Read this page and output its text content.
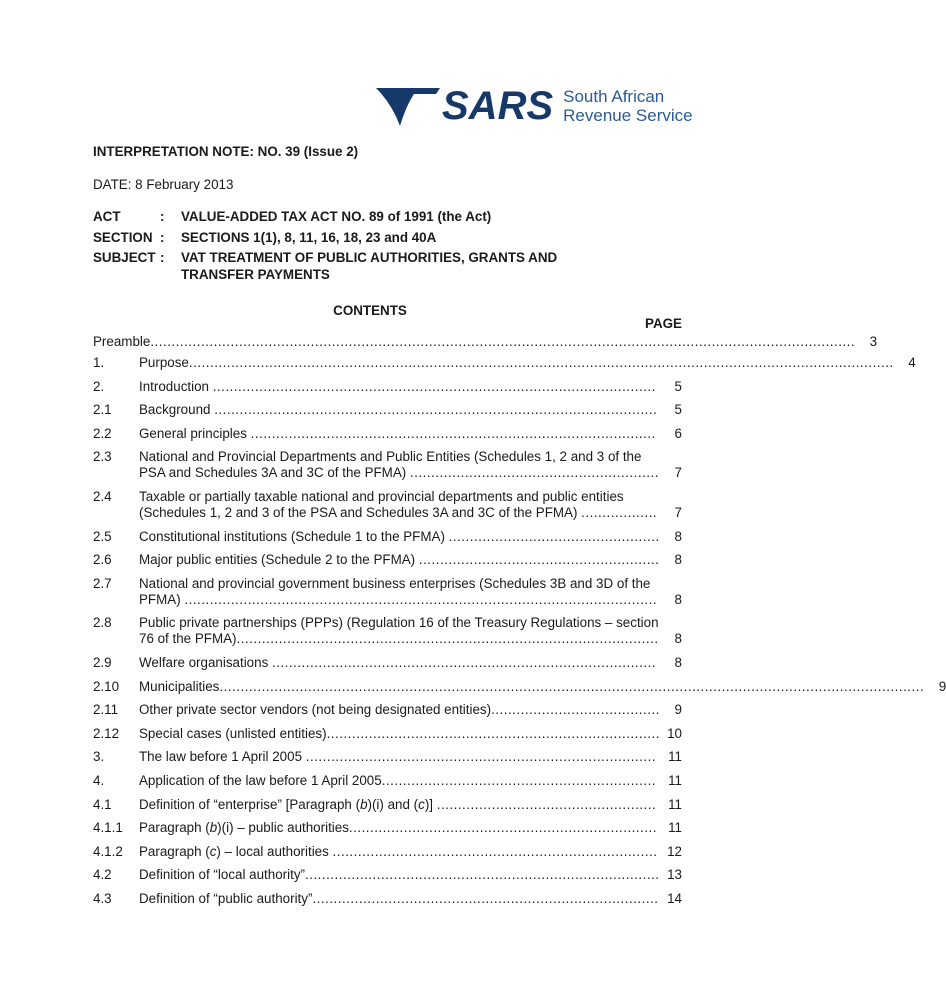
SARS South African
Revenue Service
INTERPRETATION NOTE: NO. 39 (Issue 2)
DATE: 8 February 2013
ACT	:	VALUE-ADDED TAX ACT NO. 89 of 1991 (the Act)
SECTION :	SECTIONS 1(1), 8, 11, 16, 18, 23 and 40A
SUBJECT :	VAT TREATMENT OF PUBLIC AUTHORITIES, GRANTS AND TRANSFER PAYMENTS
CONTENTS
PAGE
Preamble....................................................................................................................................................................... 3
1.	Purpose....................................................................................................................................................................... 4
2.	Introduction ......................................................................................................... 5
2.1	Background ......................................................................................................... 5
2.2	General principles ................................................................................................ 6
2.3	National and Provincial Departments and Public Entities (Schedules 1, 2 and 3 of the PSA and Schedules 3A and 3C of the PFMA) ........................................................... 7
2.4	Taxable or partially taxable national and provincial departments and public entities (Schedules 1, 2 and 3 of the PSA and Schedules 3A and 3C of the PFMA) .................. 7
2.5	Constitutional institutions (Schedule 1 to the PFMA) .................................................. 8
2.6	Major public entities (Schedule 2 to the PFMA) ......................................................... 8
2.7	National and provincial government business enterprises (Schedules 3B and 3D of the PFMA) ................................................................................................................ 8
2.8	Public private partnerships (PPPs) (Regulation 16 of the Treasury Regulations – section 76 of the PFMA).................................................................................................... 8
2.9	Welfare organisations ........................................................................................... 8
2.10	Municipalities....................................................................................................................................................................... 9
2.11	Other private sector vendors (not being designated entities)........................................ 9
2.12	Special cases (unlisted entities)............................................................................... 10
3.	The law before 1 April 2005 ................................................................................... 11
4.	Application of the law before 1 April 2005................................................................. 11
4.1	Definition of “enterprise” [Paragraph (b)(i) and (c)] .................................................... 11
4.1.1	Paragraph (b)(i) – public authorities......................................................................... 11
4.1.2	Paragraph (c) – local authorities ............................................................................. 12
4.2	Definition of “local authority”.................................................................................... 13
4.3	Definition of “public authority”.................................................................................. 14
